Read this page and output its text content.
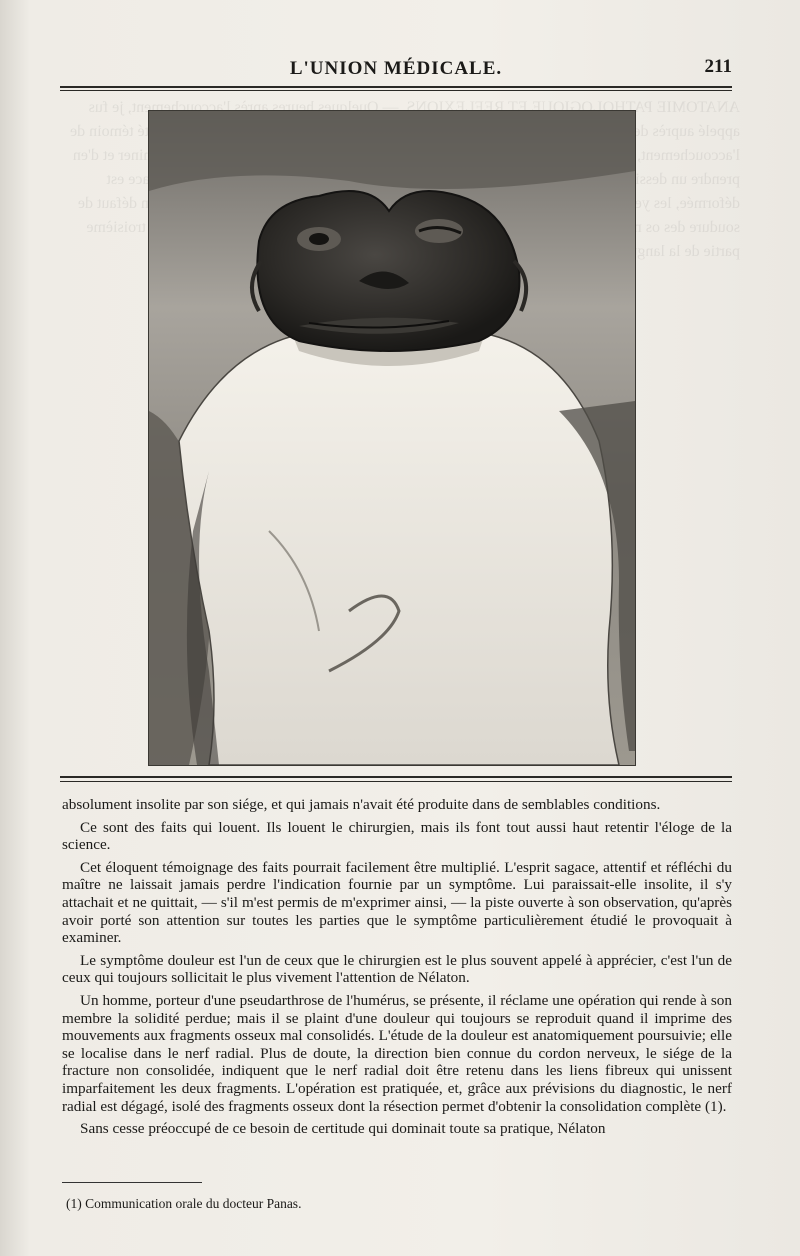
ANATOMIE PATHOLOGIQUE ET REFLEXIONS. — Quelques heures après l'accouchement, je fus appelé auprès de été témoin de l'accouchement, et d'en prendre un dessin. face est déformée, les défaut de soudure des os troisième partie de la langue
L'UNION MÉDICALE.	211

absolument insolite par son siége, et qui jamais n'avait été produite dans de semblables conditions.

Ce sont des faits qui louent. Ils louent le chirurgien, mais ils font tout aussi haut retentir l'éloge de la science.

Cet éloquent témoignage des faits pourrait facilement être multiplié. L'esprit sagace, attentif et réfléchi du maître ne laissait jamais perdre l'indication fournie par un symptôme. Lui paraissait-elle insolite, il s'y attachait et ne quittait, — s'il m'est permis de m'exprimer ainsi, — la piste ouverte à son observation, qu'après avoir porté son attention sur toutes les parties que le symptôme particulièrement étudié le provoquait à examiner.

Le symptôme douleur est l'un de ceux que le chirurgien est le plus souvent appelé à apprécier, c'est l'un de ceux qui toujours sollicitait le plus vivement l'attention de Nélaton.

Un homme, porteur d'une pseudarthrose de l'humérus, se présente, il réclame une opération qui rende à son membre la solidité perdue; mais il se plaint d'une douleur qui toujours se reproduit quand il imprime des mouvements aux fragments osseux mal consolidés. L'étude de la douleur est anatomiquement poursuivie; elle se localise dans le nerf radial. Plus de doute, la direction bien connue du cordon nerveux, le siége de la fracture non consolidée, indiquent que le nerf radial doit être retenu dans les liens fibreux qui unissent imparfaitement les deux fragments. L'opération est pratiquée, et, grâce aux prévisions du diagnostic, le nerf radial est dégagé, isolé des fragments osseux dont la résection permet d'obtenir la consolidation complète (1).

Sans cesse préoccupé de ce besoin de certitude qui dominait toute sa pratique, Nélaton

(1) Communication orale du docteur Panas.
